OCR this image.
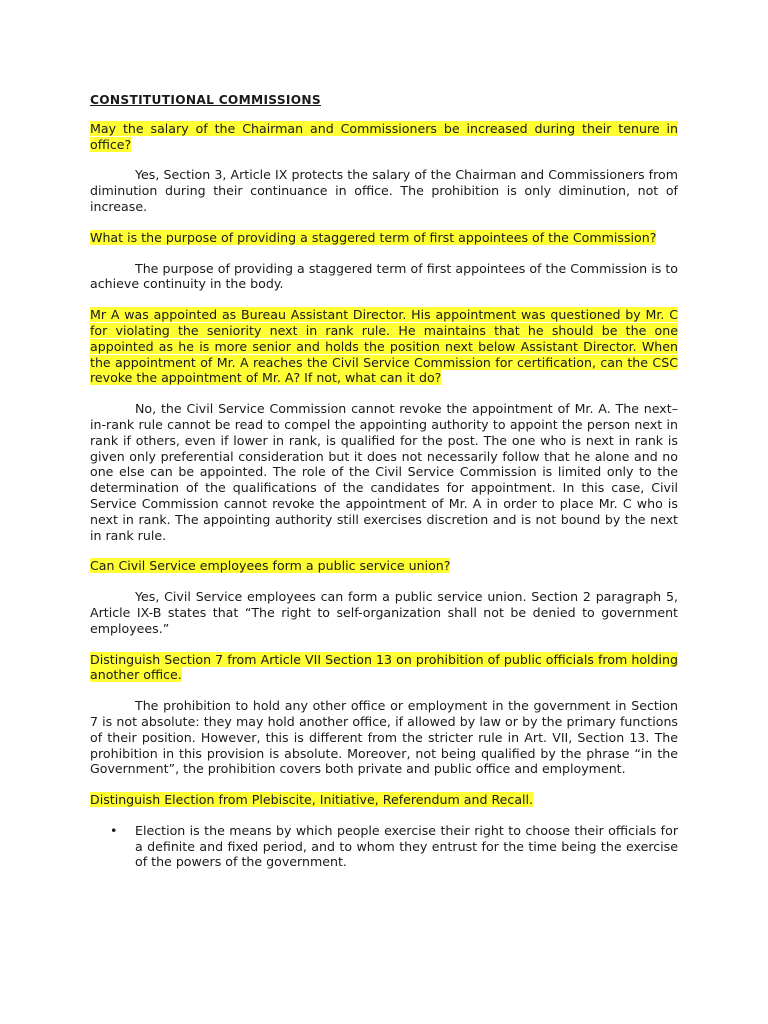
CONSTITUTIONAL COMMISSIONS

May the salary of the Chairman and Commissioners be increased during their tenure in office?

Yes, Section 3, Article IX protects the salary of the Chairman and Commissioners from diminution during their continuance in office. The prohibition is only diminution, not of increase.

What is the purpose of providing a staggered term of first appointees of the Commission?

The purpose of providing a staggered term of first appointees of the Commission is to achieve continuity in the body.

Mr A was appointed as Bureau Assistant Director. His appointment was questioned by Mr. C for violating the seniority next in rank rule. He maintains that he should be the one appointed as he is more senior and holds the position next below Assistant Director. When the appointment of Mr. A reaches the Civil Service Commission for certification, can the CSC revoke the appointment of Mr. A? If not, what can it do?

No, the Civil Service Commission cannot revoke the appointment of Mr. A. The next–in-rank rule cannot be read to compel the appointing authority to appoint the person next in rank if others, even if lower in rank, is qualified for the post. The one who is next in rank is given only preferential consideration but it does not necessarily follow that he alone and no one else can be appointed. The role of the Civil Service Commission is limited only to the determination of the qualifications of the candidates for appointment. In this case, Civil Service Commission cannot revoke the appointment of Mr. A in order to place Mr. C who is next in rank. The appointing authority still exercises discretion and is not bound by the next in rank rule.

Can Civil Service employees form a public service union?

Yes, Civil Service employees can form a public service union. Section 2 paragraph 5, Article IX-B states that “The right to self-organization shall not be denied to government employees.”

Distinguish Section 7 from Article VII Section 13 on prohibition of public officials from holding another office.

The prohibition to hold any other office or employment in the government in Section 7 is not absolute: they may hold another office, if allowed by law or by the primary functions of their position. However, this is different from the stricter rule in Art. VII, Section 13. The prohibition in this provision is absolute. Moreover, not being qualified by the phrase “in the Government”, the prohibition covers both private and public office and employment.

Distinguish Election from Plebiscite, Initiative, Referendum and Recall.

• Election is the means by which people exercise their right to choose their officials for a definite and fixed period, and to whom they entrust for the time being the exercise of the powers of the government.
